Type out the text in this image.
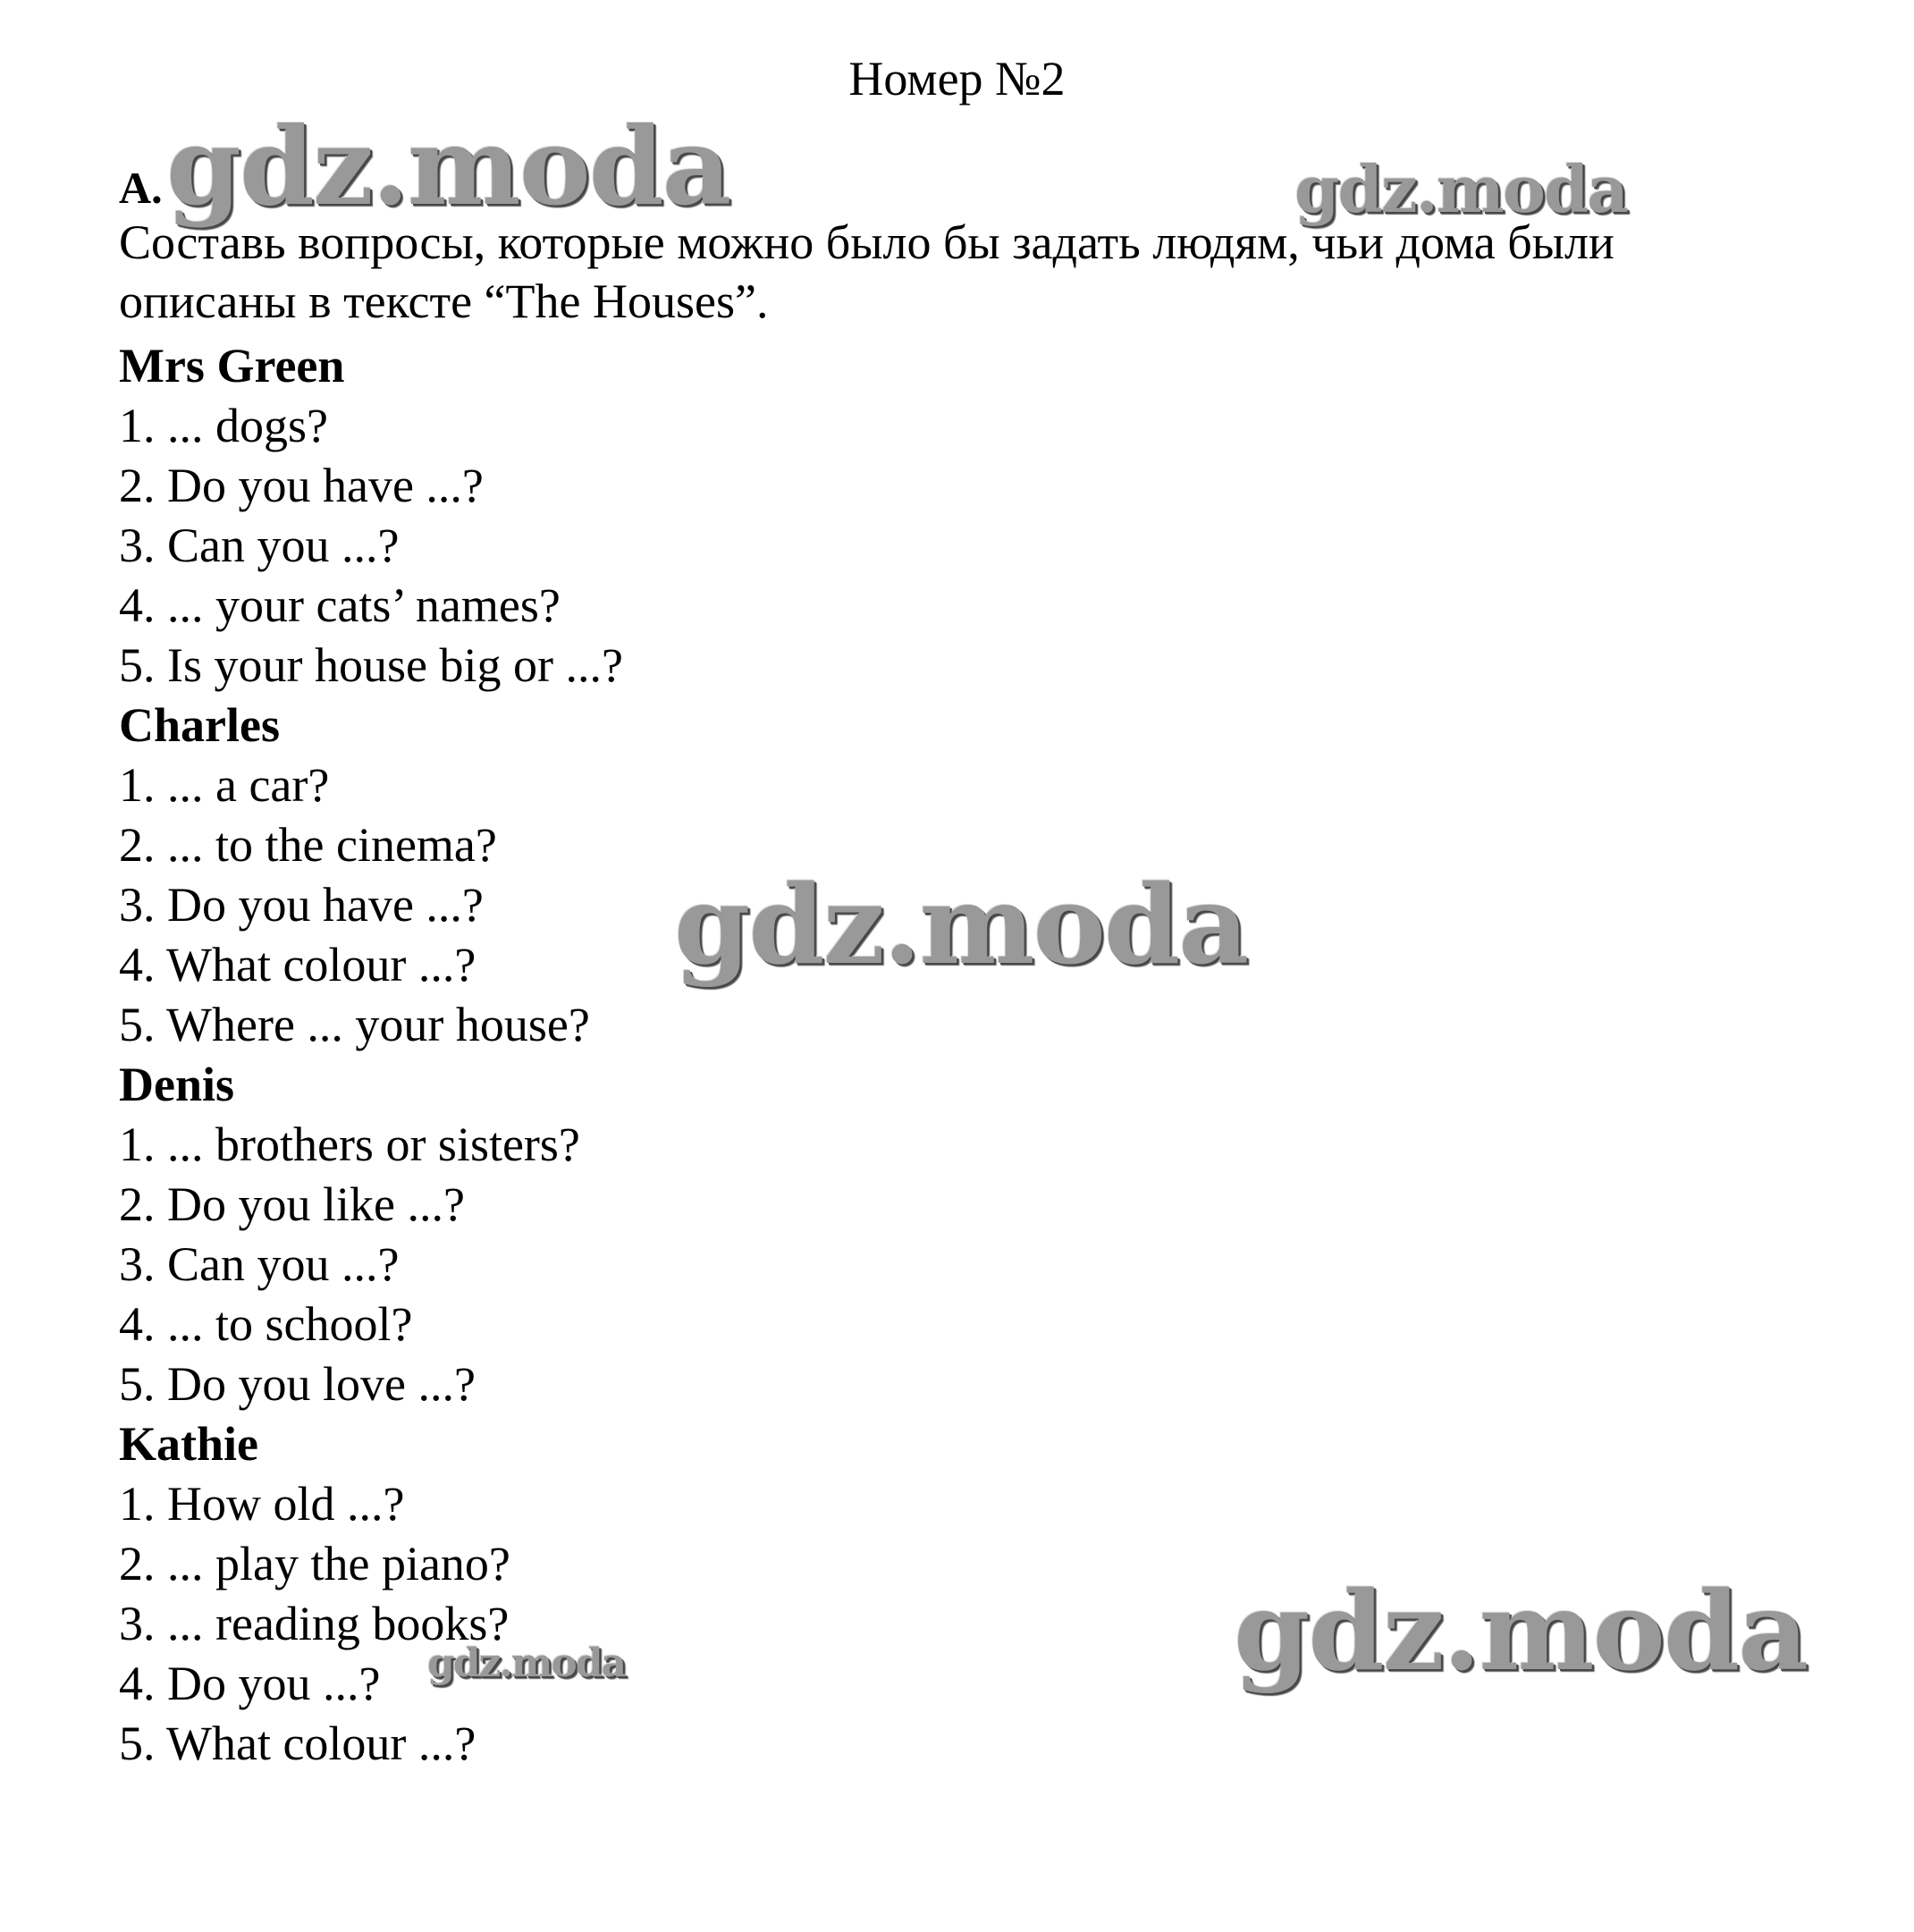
Номер №2
A.
Составь вопросы, которые можно было бы задать людям, чьи дома были описаны в тексте “The Houses”.
Mrs Green
1. ... dogs?
2. Do you have ...?
3. Can you ...?
4. ... your cats’ names?
5. Is your house big or ...?
Charles
1. ... a car?
2. ... to the cinema?
3. Do you have ...?
4. What colour ...?
5. Where ... your house?
Denis
1. ... brothers or sisters?
2. Do you like ...?
3. Can you ...?
4. ... to school?
5. Do you love ...?
Kathie
1. How old ...?
2. ... play the piano?
3. ... reading books?
4. Do you ...?
5. What colour ...?
gdz.moda	gdz.moda
gdz.moda
gdz.moda
gdz.moda
